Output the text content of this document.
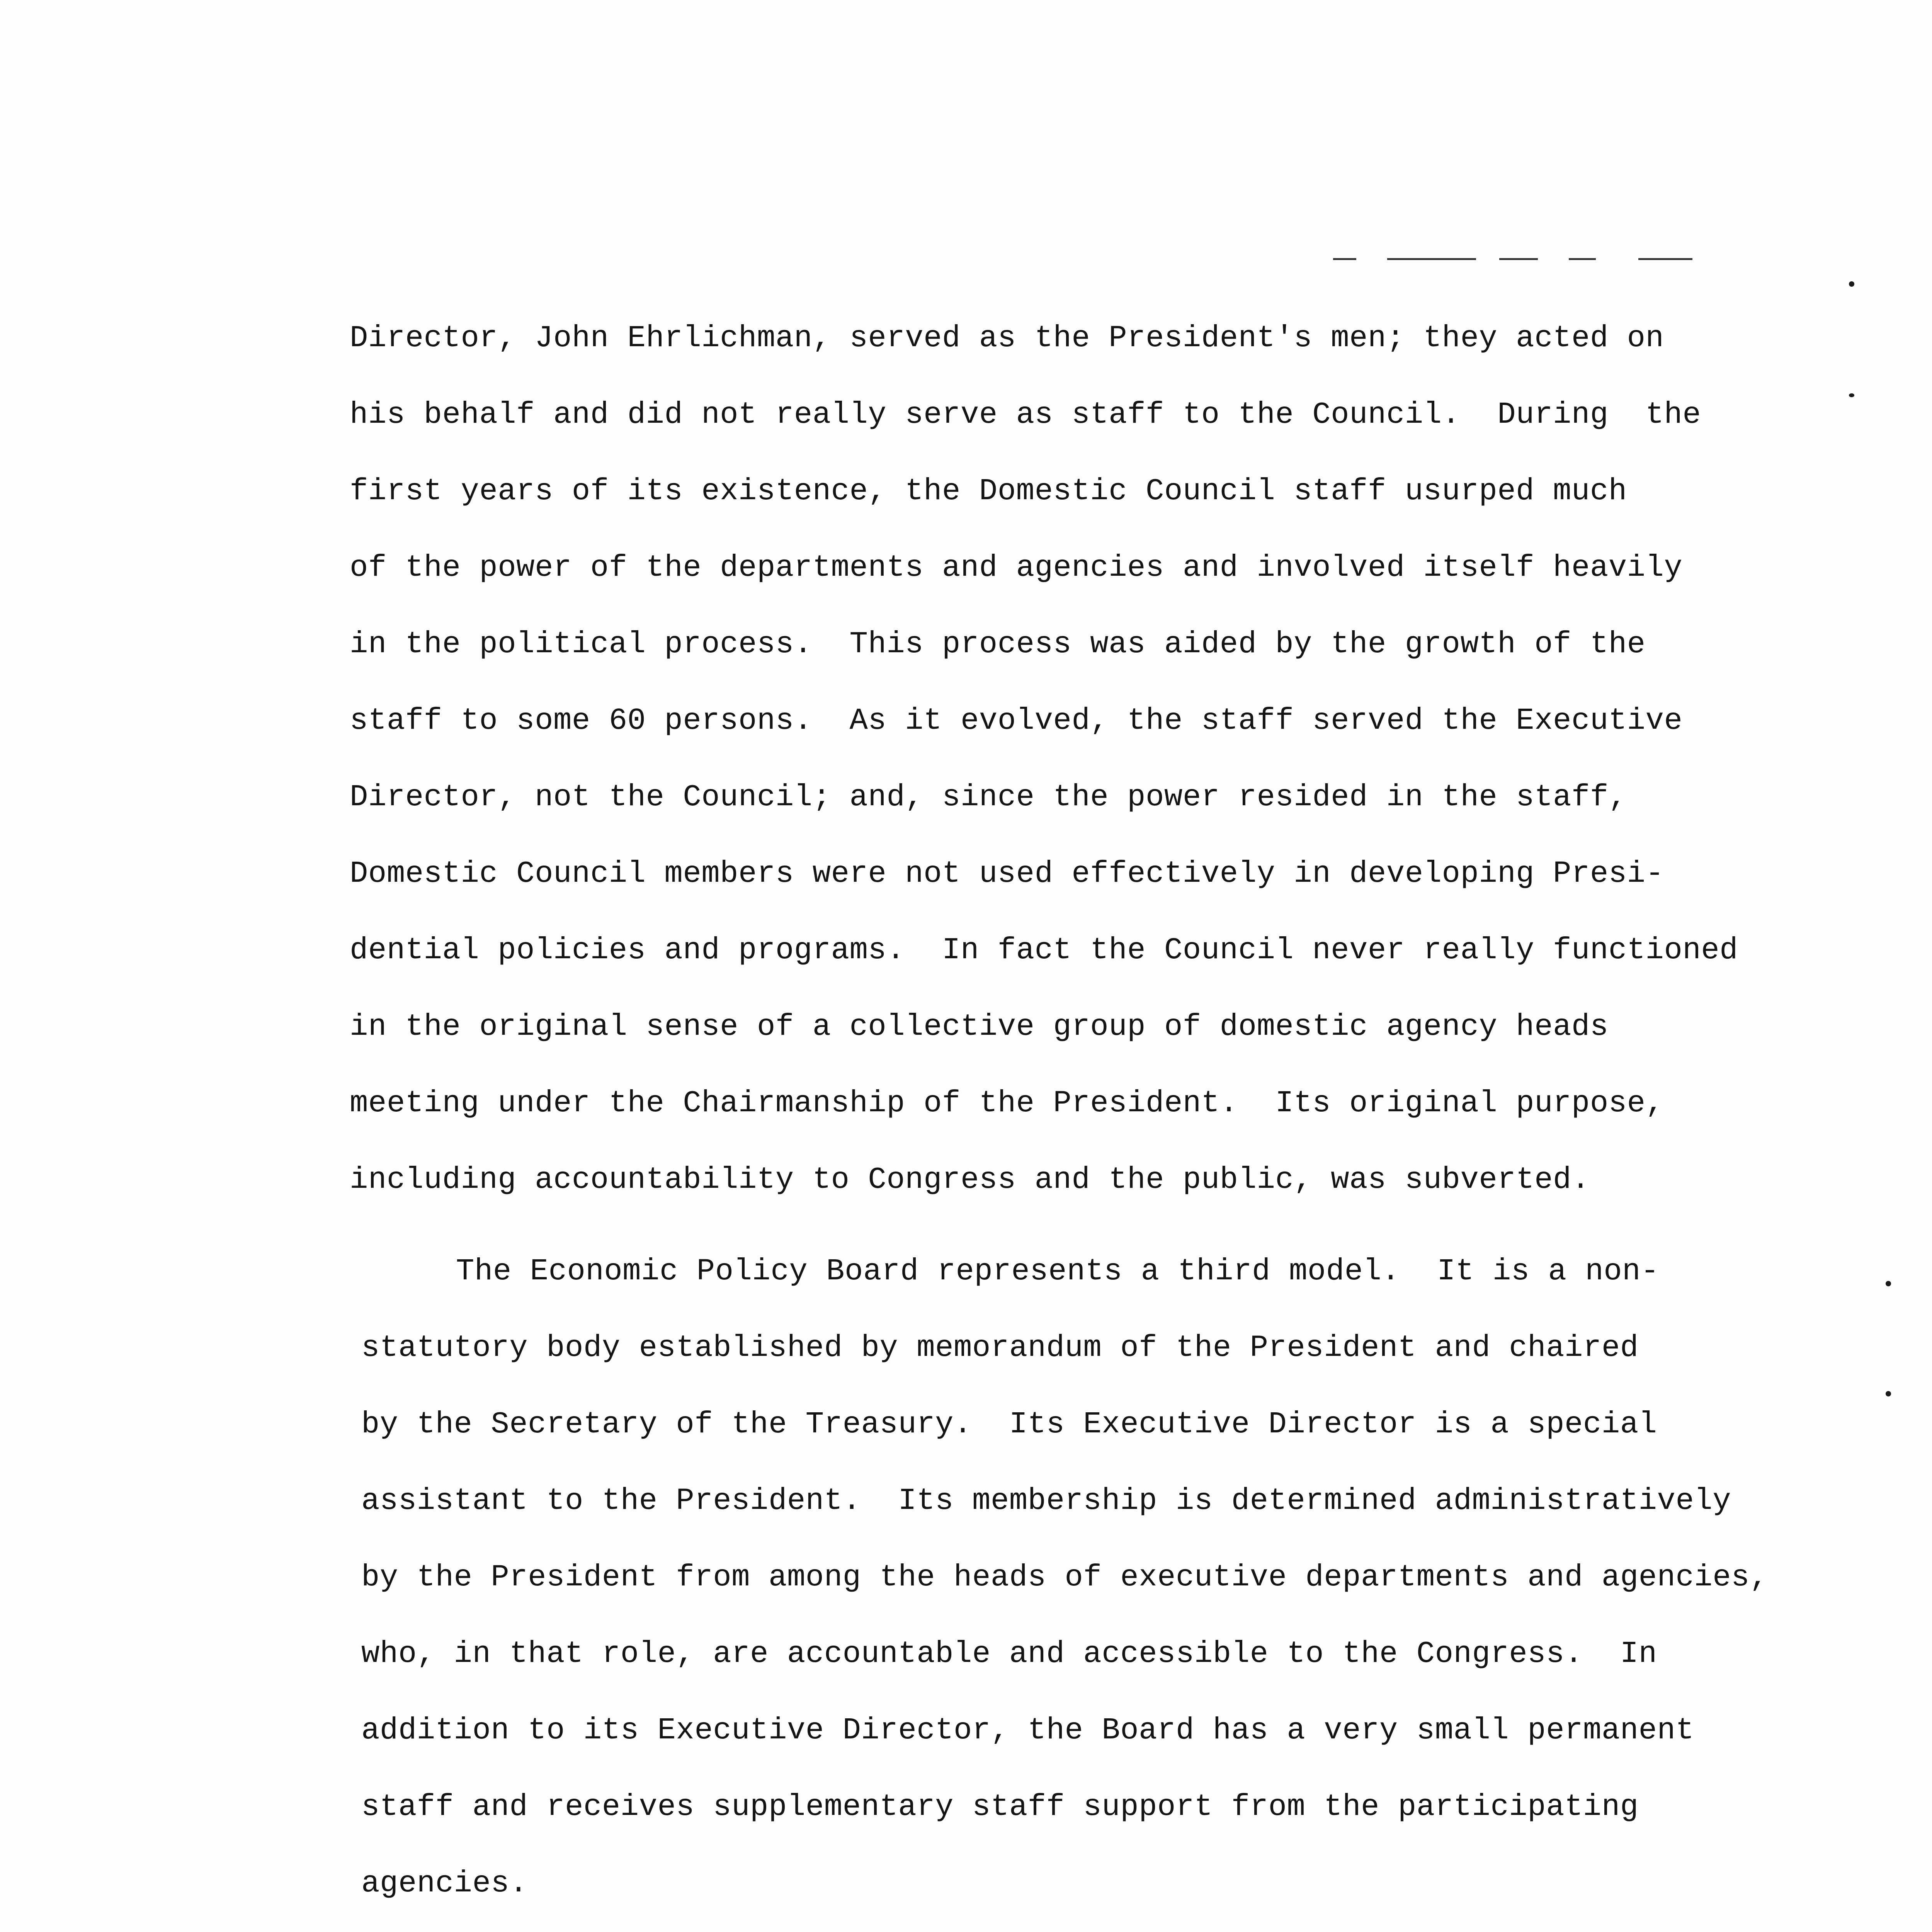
Director, John Ehrlichman, served as the President's men; they acted on
his behalf and did not really serve as staff to the Council.  During  the
first years of its existence, the Domestic Council staff usurped much
of the power of the departments and agencies and involved itself heavily
in the political process.  This process was aided by the growth of the
staff to some 60 persons.  As it evolved, the staff served the Executive
Director, not the Council; and, since the power resided in the staff,
Domestic Council members were not used effectively in developing Presi-
dential policies and programs.  In fact the Council never really functioned
in the original sense of a collective group of domestic agency heads
meeting under the Chairmanship of the President.  Its original purpose,
including accountability to Congress and the public, was subverted.
The Economic Policy Board represents a third model.  It is a non-
statutory body established by memorandum of the President and chaired
by the Secretary of the Treasury.  Its Executive Director is a special
assistant to the President.  Its membership is determined administratively
by the President from among the heads of executive departments and agencies,
who, in that role, are accountable and accessible to the Congress.  In
addition to its Executive Director, the Board has a very small permanent
staff and receives supplementary staff support from the participating
agencies.
